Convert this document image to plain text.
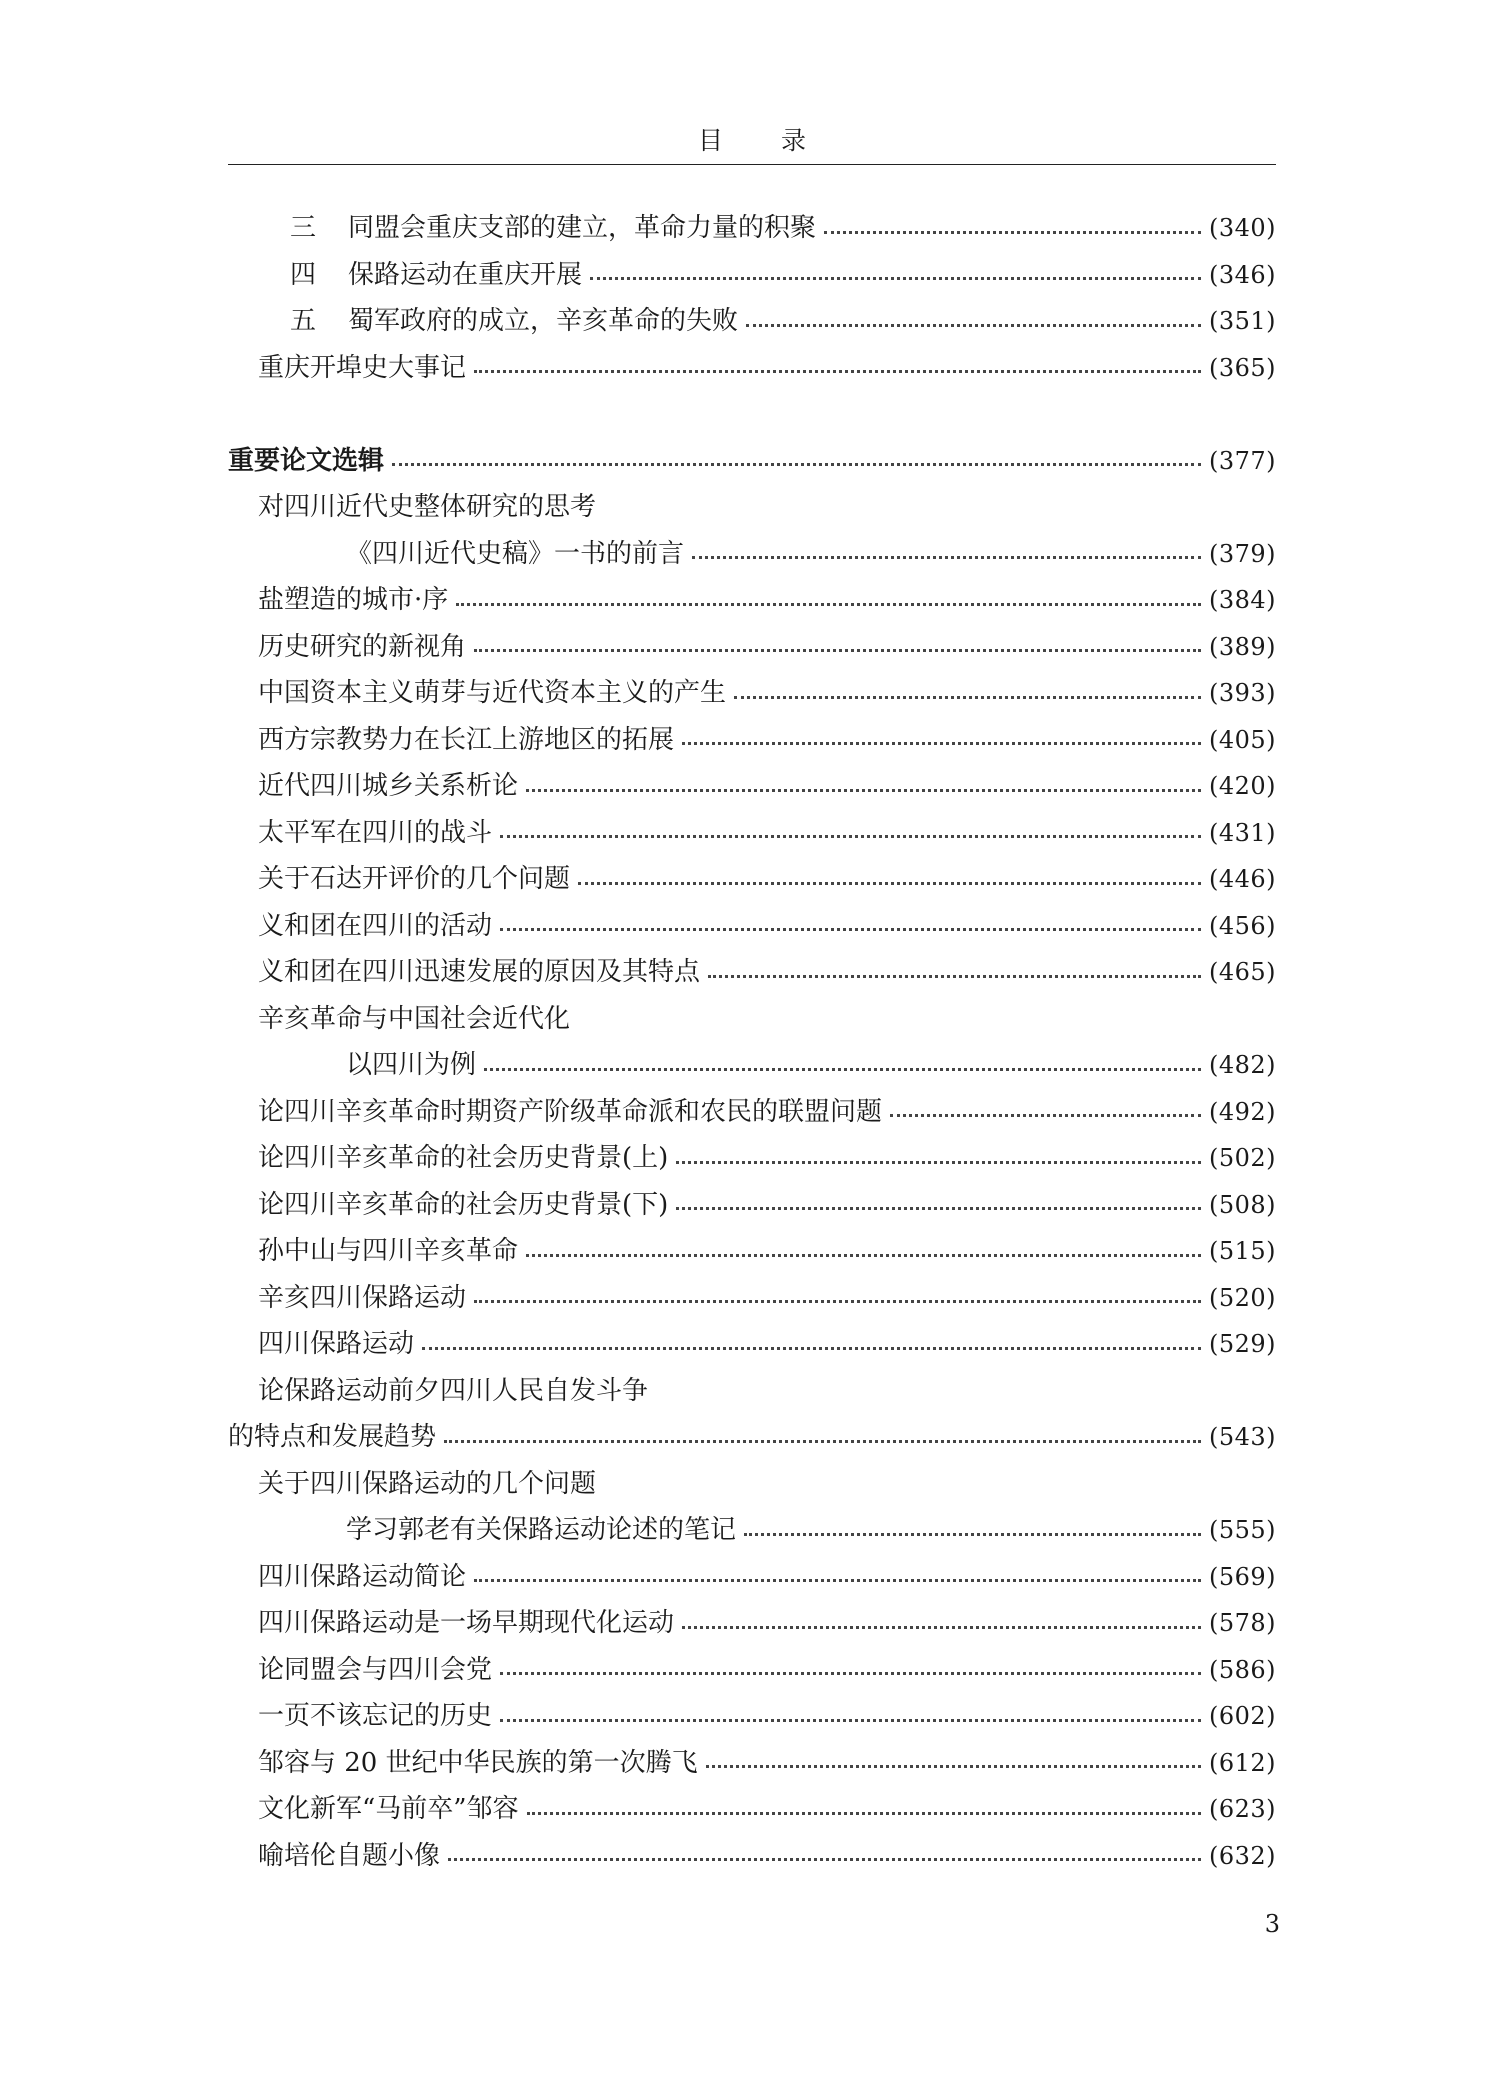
目录
三	同盟会重庆支部的建立，革命力量的积聚	(340)
四	保路运动在重庆开展	(346)
五	蜀军政府的成立，辛亥革命的失败	(351)
重庆开埠史大事记	(365)
重要论文选辑	(377)
对四川近代史整体研究的思考
《四川近代史稿》一书的前言	(379)
盐塑造的城市·序	(384)
历史研究的新视角	(389)
中国资本主义萌芽与近代资本主义的产生	(393)
西方宗教势力在长江上游地区的拓展	(405)
近代四川城乡关系析论	(420)
太平军在四川的战斗	(431)
关于石达开评价的几个问题	(446)
义和团在四川的活动	(456)
义和团在四川迅速发展的原因及其特点	(465)
辛亥革命与中国社会近代化
以四川为例	(482)
论四川辛亥革命时期资产阶级革命派和农民的联盟问题	(492)
论四川辛亥革命的社会历史背景(上)	(502)
论四川辛亥革命的社会历史背景(下)	(508)
孙中山与四川辛亥革命	(515)
辛亥四川保路运动	(520)
四川保路运动	(529)
论保路运动前夕四川人民自发斗争
的特点和发展趋势	(543)
关于四川保路运动的几个问题
学习郭老有关保路运动论述的笔记	(555)
四川保路运动简论	(569)
四川保路运动是一场早期现代化运动	(578)
论同盟会与四川会党	(586)
一页不该忘记的历史	(602)
邹容与 20 世纪中华民族的第一次腾飞	(612)
文化新军“马前卒”邹容	(623)
喻培伦自题小像	(632)
3
